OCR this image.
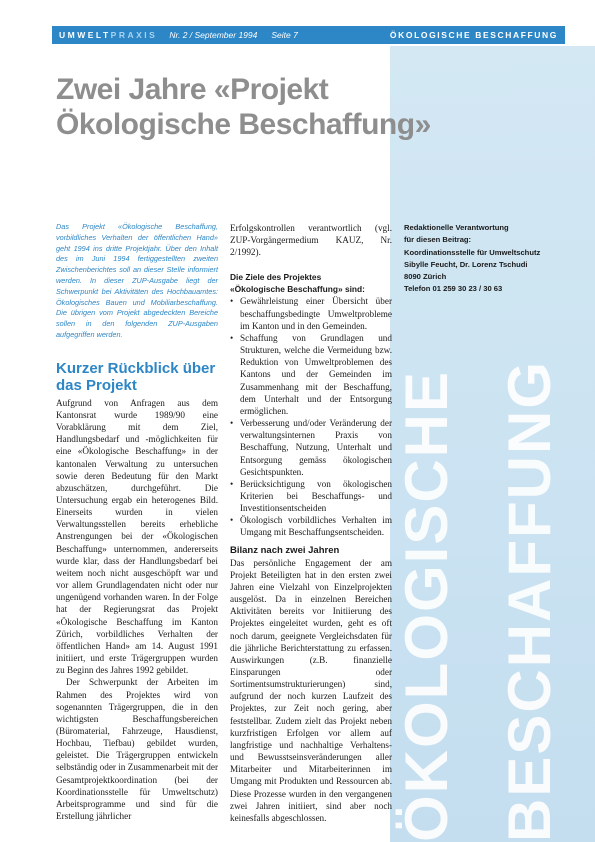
ÖKOLOGISCHE BESCHAFFUNG
UMWELT PRAXIS Nr. 2 / September 1994 Seite 7	ÖKOLOGISCHE BESCHAFFUNG
Zwei Jahre «Projekt
Ökologische Beschaffung»

Das Projekt «Ökologische Beschaffung, vorbildliches Verhalten der öffentlichen Hand» geht 1994 ins dritte Projektjahr. Über den Inhalt des im Juni 1994 fertiggestellten zweiten Zwischenberichtes soll an dieser Stelle informiert werden. In dieser ZUP-Ausgabe liegt der Schwerpunkt bei Aktivitäten des Hochbauamtes: Ökologisches Bauen und Mobiliarbeschaffung. Die übrigen vom Projekt abgedeckten Bereiche sollen in den folgenden ZUP-Ausgaben aufgegriffen werden.

Kurzer Rückblick über
das Projekt

Aufgrund von Anfragen aus dem Kantonsrat wurde 1989/90 eine Vorabklärung mit dem Ziel, Handlungsbedarf und -möglichkeiten für eine «Ökologische Beschaffung» in der kantonalen Verwaltung zu untersuchen sowie deren Bedeutung für den Markt abzuschätzen, durchgeführt. Die Untersuchung ergab ein heterogenes Bild. Einerseits wurden in vielen Verwaltungsstellen bereits erhebliche Anstrengungen bei der «Ökologischen Beschaffung» unternommen, andererseits wurde klar, dass der Handlungsbedarf bei weitem noch nicht ausgeschöpft war und vor allem Grundlagendaten nicht oder nur ungenügend vorhanden waren. In der Folge hat der Regierungsrat das Projekt «Ökologische Beschaffung im Kanton Zürich, vorbildliches Verhalten der öffentlichen Hand» am 14. August 1991 initiiert, und erste Trägergruppen wurden zu Beginn des Jahres 1992 gebildet.

Der Schwerpunkt der Arbeiten im Rahmen des Projektes wird von sogenannten Trägergruppen, die in den wichtigsten Beschaffungsbereichen (Büromaterial, Fahrzeuge, Hausdienst, Hochbau, Tiefbau) gebildet wurden, geleistet. Die Trägergruppen entwickeln selbständig oder in Zusammenarbeit mit der Gesamtprojektkoordination (bei der Koordinationsstelle für Umweltschutz) Arbeitsprogramme und sind für die Erstellung jährlicher

Erfolgskontrollen verantwortlich (vgl. ZUP-Vorgängermedium KAUZ, Nr. 2/1992).

Die Ziele des Projektes
«Ökologische Beschaffung» sind:
• Gewährleistung einer Übersicht über beschaffungsbedingte Umweltprobleme im Kanton und in den Gemeinden.
• Schaffung von Grundlagen und Strukturen, welche die Vermeidung bzw. Reduktion von Umweltproblemen des Kantons und der Gemeinden im Zusammenhang mit der Beschaffung, dem Unterhalt und der Entsorgung ermöglichen.
• Verbesserung und/oder Veränderung der verwaltungsinternen Praxis von Beschaffung, Nutzung, Unterhalt und Entsorgung gemäss ökologischen Gesichtspunkten.
• Berücksichtigung von ökologischen Kriterien bei Beschaffungs- und Investitionsentscheiden
• Ökologisch vorbildliches Verhalten im Umgang mit Beschaffungsentscheiden.
Bilanz nach zwei Jahren

Das persönliche Engagement der am Projekt Beteiligten hat in den ersten zwei Jahren eine Vielzahl von Einzelprojekten ausgelöst. Da in einzelnen Bereichen Aktivitäten bereits vor Initiierung des Projektes eingeleitet wurden, geht es oft noch darum, geeignete Vergleichsdaten für die jährliche Berichterstattung zu erfassen. Auswirkungen (z.B. finanzielle Einsparungen oder Sortimentsumstrukturierungen) sind, aufgrund der noch kurzen Laufzeit des Projektes, zur Zeit noch gering, aber feststellbar. Zudem zielt das Projekt neben kurzfristigen Erfolgen vor allem auf langfristige und nachhaltige Verhaltens- und Bewusstseinsveränderungen aller Mitarbeiter und Mitarbeiterinnen im Umgang mit Produkten und Ressourcen ab. Diese Prozesse wurden in den vergangenen zwei Jahren initiiert, sind aber noch keinesfalls abgeschlossen.

Redaktionelle Verantwortung

für diesen Beitrag:

Koordinationsstelle für Umweltschutz

Sibylle Feucht, Dr. Lorenz Tschudi

8090 Zürich

Telefon 01 259 30 23 / 30 63
